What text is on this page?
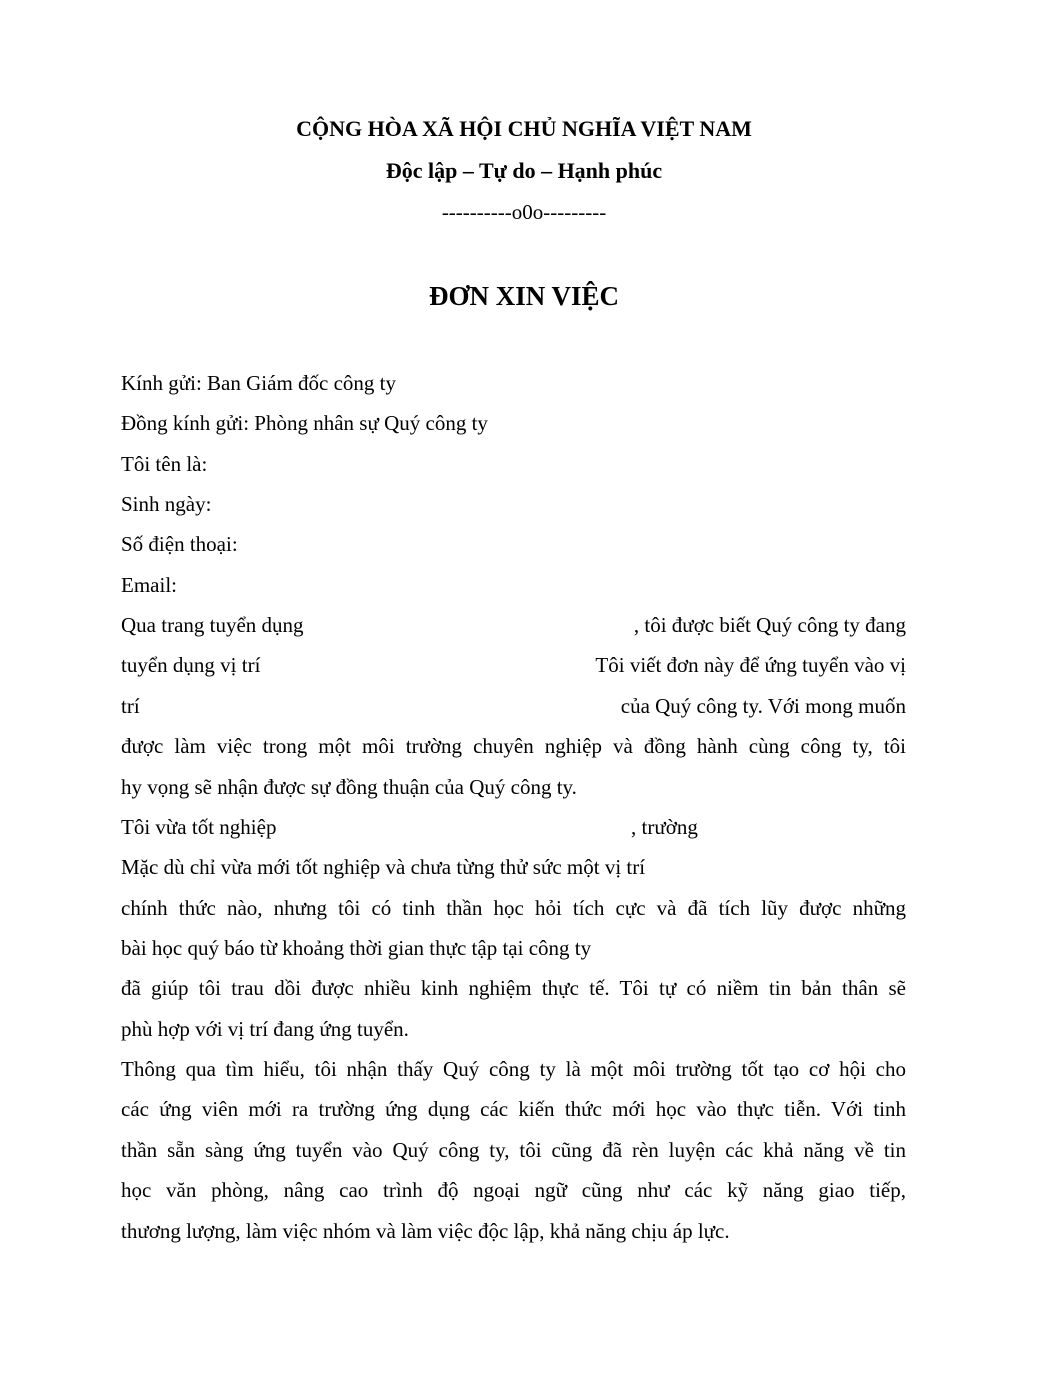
CỘNG HÒA XÃ HỘI CHỦ NGHĨA VIỆT NAM

Độc lập – Tự do – Hạnh phúc

----------o0o---------

ĐƠN XIN VIỆC

Kính gửi: Ban Giám đốc công ty

Đồng kính gửi: Phòng nhân sự Quý công ty

Tôi tên là:

Sinh ngày:

Số điện thoại:

Email:

Qua trang tuyển dụng	, tôi được biết Quý công ty đang
tuyển dụng vị trí	Tôi viết đơn này để ứng tuyển vào vị
trí	của Quý công ty. Với mong muốn

được làm việc trong một môi trường chuyên nghiệp và đồng hành cùng công ty, tôi

hy vọng sẽ nhận được sự đồng thuận của Quý công ty.

Tôi vừa tốt nghiệp	, trường

Mặc dù chỉ vừa mới tốt nghiệp và chưa từng thử sức một vị trí

chính thức nào, nhưng tôi có tinh thần học hỏi tích cực và đã tích lũy được những

bài học quý báo từ khoảng thời gian thực tập tại công ty

đã giúp tôi trau dồi được nhiều kinh nghiệm thực tế. Tôi tự có niềm tin bản thân sẽ

phù hợp với vị trí đang ứng tuyển.

Thông qua tìm hiểu, tôi nhận thấy Quý công ty là một môi trường tốt tạo cơ hội cho

các ứng viên mới ra trường ứng dụng các kiến thức mới học vào thực tiễn. Với tinh

thần sẵn sàng ứng tuyển vào Quý công ty, tôi cũng đã rèn luyện các khả năng về tin

học văn phòng, nâng cao trình độ ngoại ngữ cũng như các kỹ năng giao tiếp,

thương lượng, làm việc nhóm và làm việc độc lập, khả năng chịu áp lực.
